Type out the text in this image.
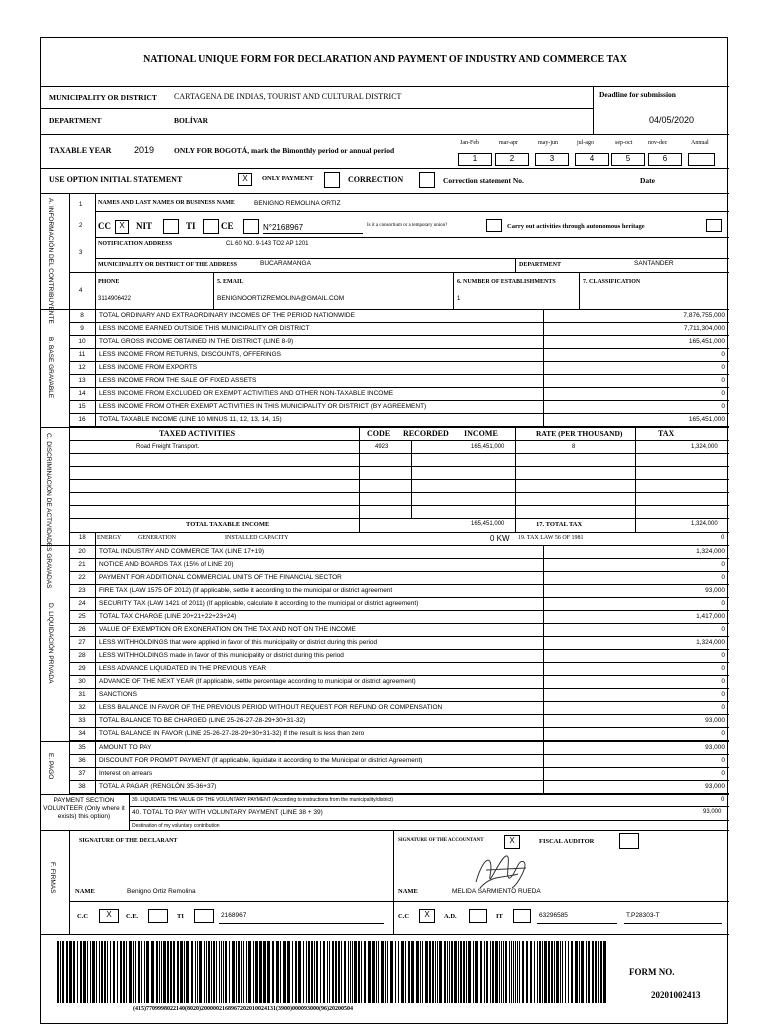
NATIONAL UNIQUE FORM FOR DECLARATION AND PAYMENT OF INDUSTRY AND COMMERCE TAX
MUNICIPALITY OR DISTRICT CARTAGENA DE INDIAS, TOURIST AND CULTURAL DISTRICT	Deadline for submission
DEPARTMENT	BOLÍVAR	04/05/2020
TAXABLE YEAR	2019	ONLY FOR BOGOTÁ, mark the Bimonthly period or annual period
Jan-Feb
1
mar-apr
2
may-jun
3
jul-ago
4
sep-oct
5
nov-dec
6
Annual
USE OPTION INITIAL STATEMENT	X	ONLY PAYMENT	CORRECTION	Correction statement No.	Date
A. INFORMACIÓN DEL CONTRIBUYENTE	1	NAMES AND LAST NAMES OR BUSINESS NAME	BENIGNO REMOLINA ORTIZ
2 CC	X	NIT	TI	CE	N°2168967	Is it a consortium or a temporary union?	Carry out activities through autonomous heritage
3
NOTIFICATION ADDRESS	CL 60 NO. 9-143 TO2 AP 1201
MUNICIPALITY OR DISTRICT OF THE ADDRESS	BUCARAMANGA	DEPARTMENT	SANTANDER
4
PHONE
3114906422
5. EMAIL
BENIGNOORTIZREMOLINA@GMAIL.COM
6. NUMBER OF ESTABLISHMENTS
1
7. CLASSIFICATION
B. BASE GRAVABLE
8	TOTAL ORDINARY AND EXTRAORDINARY INCOMES OF THE PERIOD NATIONWIDE	7,876,755,000
9	LESS INCOME EARNED OUTSIDE THIS MUNICIPALITY OR DISTRICT	7,711,304,000
10	TOTAL GROSS INCOME OBTAINED IN THE DISTRICT (LINE 8-9)	165,451,000
11	LESS INCOME FROM RETURNS, DISCOUNTS, OFFERINGS	0
12	LESS INCOME FROM EXPORTS	0
13	LESS INCOME FROM THE SALE OF FIXED ASSETS	0
14	LESS INCOME FROM EXCLUDED OR EXEMPT ACTIVITIES AND OTHER NON-TAXABLE INCOME	0
15	LESS INCOME FROM OTHER EXEMPT ACTIVITIES IN THIS MUNICIPALITY OR DISTRICT (BY AGREEMENT)	0
16	TOTAL TAXABLE INCOME (LINE 10 MINUS 11, 12, 13, 14, 15)	165,451,000
C. DISCRIMINACIÓN DE ACTIVIDADES GRAVADAS	TAXED ACTIVITIES	CODE RECORDED INCOME	RATE (PER THOUSAND)	TAX
Road Freight Transport.	4923	165,451,000	8	1,324,000
TOTAL TAXABLE INCOME	165,451,000	17. TOTAL TAX	1,324,000
18 ENERGY	GENERATION	INSTALLED CAPACITY	0 KW 19. TAX LAW 56 OF 1981	0
D. LIQUIDACIÓN PRIVADA
20	TOTAL INDUSTRY AND COMMERCE TAX (LINE 17+19)	1,324,000
21	NOTICE AND BOARDS TAX (15% of LINE 20)	0
22	PAYMENT FOR ADDITIONAL COMMERCIAL UNITS OF THE FINANCIAL SECTOR	0
23	FIRE TAX (LAW 1575 OF 2012) (If applicable, settle it according to the municipal or district agreement	93,000
24	SECURITY TAX (LAW 1421 of 2011) (If applicable, calculate it according to the municipal or district agreement)	0
25	TOTAL TAX CHARGE (LINE 20+21+22+23+24)	1,417,000
26	VALUE OF EXEMPTION OR EXONERATION ON THE TAX AND NOT ON THE INCOME	0
27	LESS WITHHOLDINGS that were applied in favor of this municipality or district during this period	1,324,000
28	LESS WITHHOLDINGS made in favor of this municipality or district during this period	0
29	LESS ADVANCE LIQUIDATED IN THE PREVIOUS YEAR	0
30	ADVANCE OF THE NEXT YEAR (If applicable, settle percentage according to municipal or district agreement)	0
31	SANCTIONS	0
32	LESS BALANCE IN FAVOR OF THE PREVIOUS PERIOD WITHOUT REQUEST FOR REFUND OR COMPENSATION	0
33	TOTAL BALANCE TO BE CHARGED (LINE 25-26-27-28-29+30+31-32)	93,000
34	TOTAL BALANCE IN FAVOR (LINE 25-26-27-28-29+30+31-32) If the result is less than zero	0
E. PAGO
35	AMOUNT TO PAY	93,000
36	DISCOUNT FOR PROMPT PAYMENT (If applicable, liquidate it according to the Municipal or district Agreement)	0
37	Interest on arrears	0
38	TOTAL A PAGAR (RENGLÓN 35-36+37)	93,000
PAYMENT SECTION VOLUNTEER (Only where it exists) this option)
39. LIQUIDATE THE VALUE OF THE VOLUNTARY PAYMENT (According to instructions from the municipality/district)	0
40. TOTAL TO PAY WITH VOLUNTARY PAYMENT (LINE 38 + 39)	93,000
Destination of my voluntary contribution
F. FIRMAS
SIGNATURE OF THE DECLARANT	SIGNATURE OF THE ACCOUNTANT	X	FISCAL AUDITOR
NAME	Benigno Ortiz Remolina	NAME	MELIDA SARMIENTO RUEDA
C.C	X	C.E.	TI	2168967	C.C	X	A.D.	IT	63296585	T.P28303-T
(415)7709998022140(8020)2000002168967202010024131(3900)000093000(96)20200504
FORM NO.
20201002413
